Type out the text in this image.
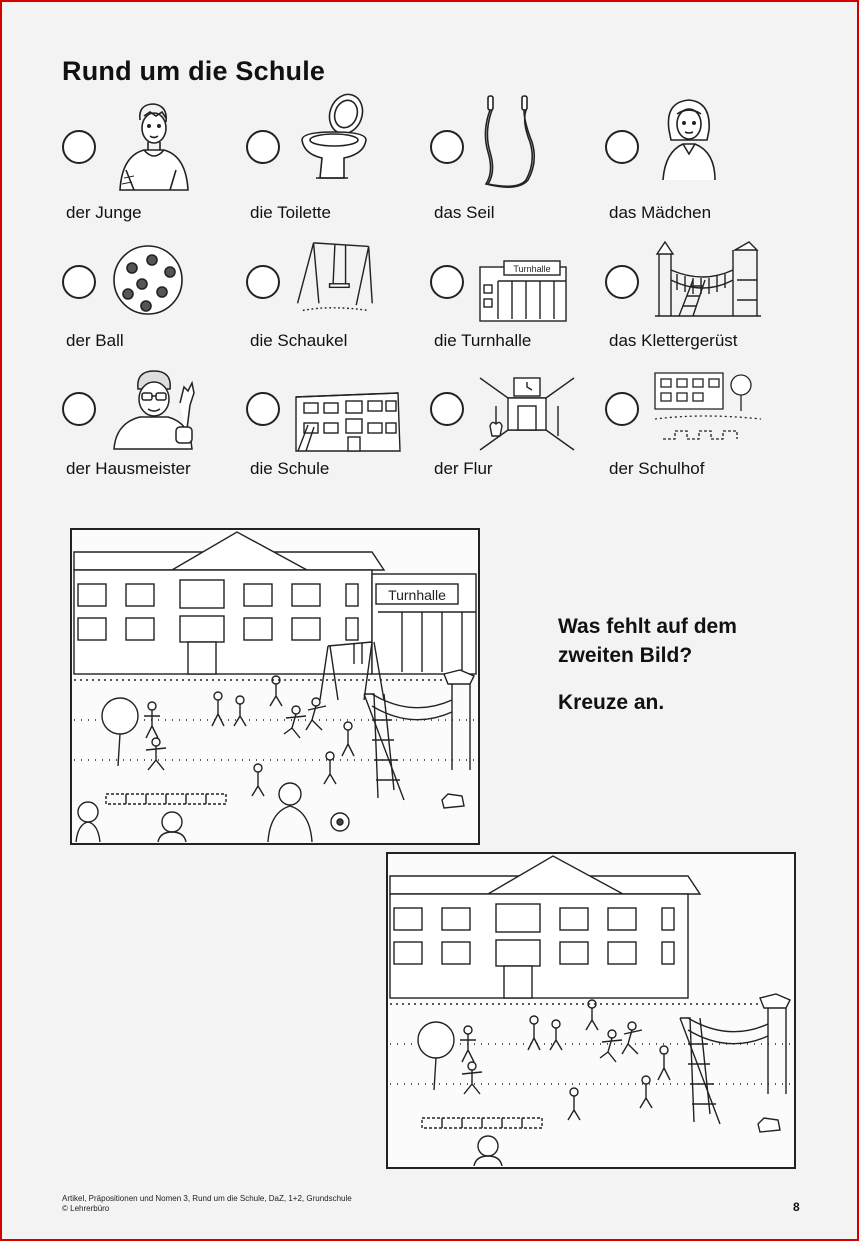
Rund um die Schule
der Junge	die Toilette	das Seil	das Mädchen
der Ball	die Schaukel
Turnhalle
die Turnhalle	das Klettergerüst
der Hausmeister	die Schule	der Flur	der Schulhof
Turnhalle
Was fehlt auf dem
zweiten Bild?

Kreuze an.

Artikel, Präpositionen und Nomen 3, Rund um die Schule, DaZ, 1+2, Grundschule
© Lehrerbüro	8
